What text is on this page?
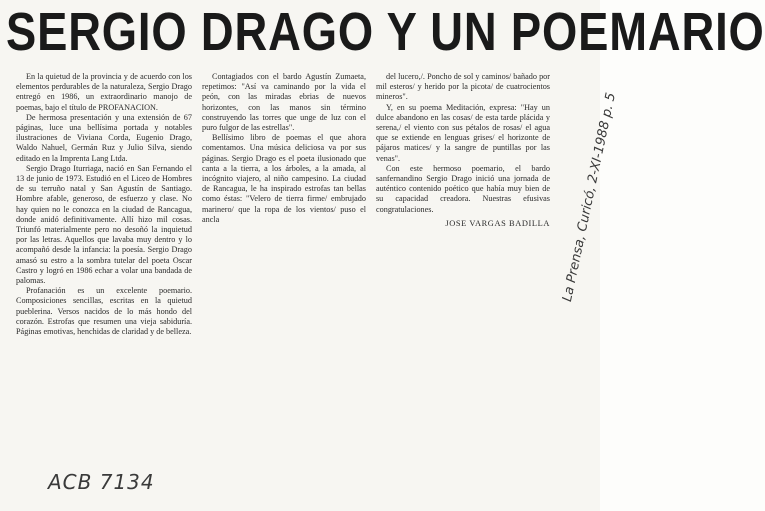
SERGIO DRAGO Y UN POEMARIO

En la quietud de la provincia y de acuerdo con los elementos perdurables de la naturaleza, Sergio Drago entregó en 1986, un extraordinario manojo de poemas, bajo el título de PROFANACION.

De hermosa presentación y una extensión de 67 páginas, luce una bellísima portada y notables ilustraciones de Viviana Corda, Eugenio Drago, Waldo Nahuel, Germán Ruz y Julio Silva, siendo editado en la Imprenta Lang Ltda.

Sergio Drago Iturriaga, nació en San Fernando el 13 de junio de 1973. Estudió en el Liceo de Hombres de su terruño natal y San Agustín de Santiago. Hombre afable, generoso, de esfuerzo y clase. No hay quien no le conozca en la ciudad de Rancagua, donde anidó definitivamente. Allí hizo mil cosas. Triunfó materialmente pero no desoñó la inquietud por las letras. Aquellos que lavaba muy dentro y lo acompañó desde la infancia: la poesía. Sergio Drago amasó su estro a la sombra tutelar del poeta Oscar Castro y logró en 1986 echar a volar una bandada de palomas.

Profanación es un excelente poemario. Composiciones sencillas, escritas en la quietud pueblerina. Versos nacidos de lo más hondo del corazón. Estrofas que resumen una vieja sabiduría. Páginas emotivas, henchidas de claridad y de belleza.

Contagiados con el bardo Agustín Zumaeta, repetimos: "Así va caminando por la vida el peón, con las miradas ebrias de nuevos horizontes, con las manos sin término construyendo las torres que unge de luz con el puro fulgor de las estrellas".

Bellísimo libro de poemas el que ahora comentamos. Una música deliciosa va por sus páginas. Sergio Drago es el poeta ilusionado que canta a la tierra, a los árboles, a la amada, al incógnito viajero, al niño campesino. La ciudad de Rancagua, le ha inspirado estrofas tan bellas como éstas: "Velero de tierra firme/ embrujado marinero/ que la ropa de los vientos/ puso el ancla

del lucero,/. Poncho de sol y caminos/ bañado por mil esteros/ y herido por la picota/ de cuatrocientos mineros".

Y, en su poema Meditación, expresa: "Hay un dulce abandono en las cosas/ de esta tarde plácida y serena,/ el viento con sus pétalos de rosas/ el agua que se extiende en lenguas grises/ el horizonte de pájaros matices/ y la sangre de puntillas por las venas".

Con este hermoso poemario, el bardo sanfernandino Sergio Drago inició una jornada de auténtico contenido poético que había muy bien de su capacidad creadora. Nuestras efusivas congratulaciones.

JOSE VARGAS BADILLA La Prensa, Curicó, 2-XI-1988 p. 5
ACB 7134
